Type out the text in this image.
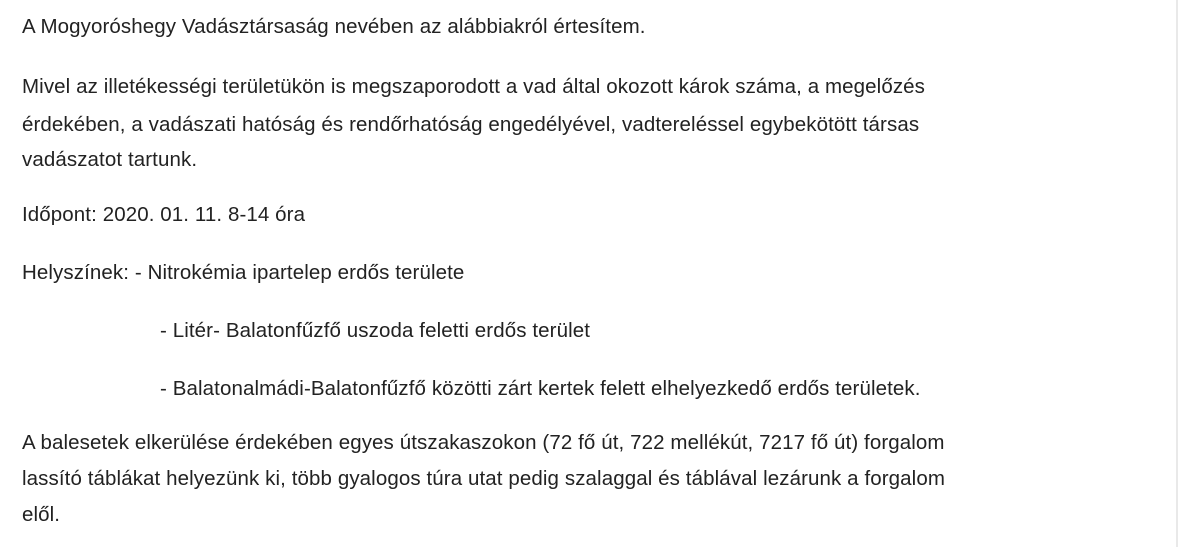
A Mogyoróshegy Vadásztársaság nevében az alábbiakról értesítem.
Mivel az illetékességi területükön is megszaporodott a vad által okozott károk száma, a megelőzés
érdekében, a vadászati hatóság és rendőrhatóság engedélyével, vadtereléssel egybekötött társas
vadászatot tartunk.
Időpont: 2020. 01. 11. 8-14 óra
Helyszínek: - Nitrokémia ipartelep erdős területe
- Litér- Balatonfűzfő uszoda feletti erdős terület
- Balatonalmádi-Balatonfűzfő közötti zárt kertek felett elhelyezkedő erdős területek.
A balesetek elkerülése érdekében egyes útszakaszokon (72 fő út, 722 mellékút, 7217 fő út) forgalom
lassító táblákat helyezünk ki, több gyalogos túra utat pedig szalaggal és táblával lezárunk a forgalom
elől.
